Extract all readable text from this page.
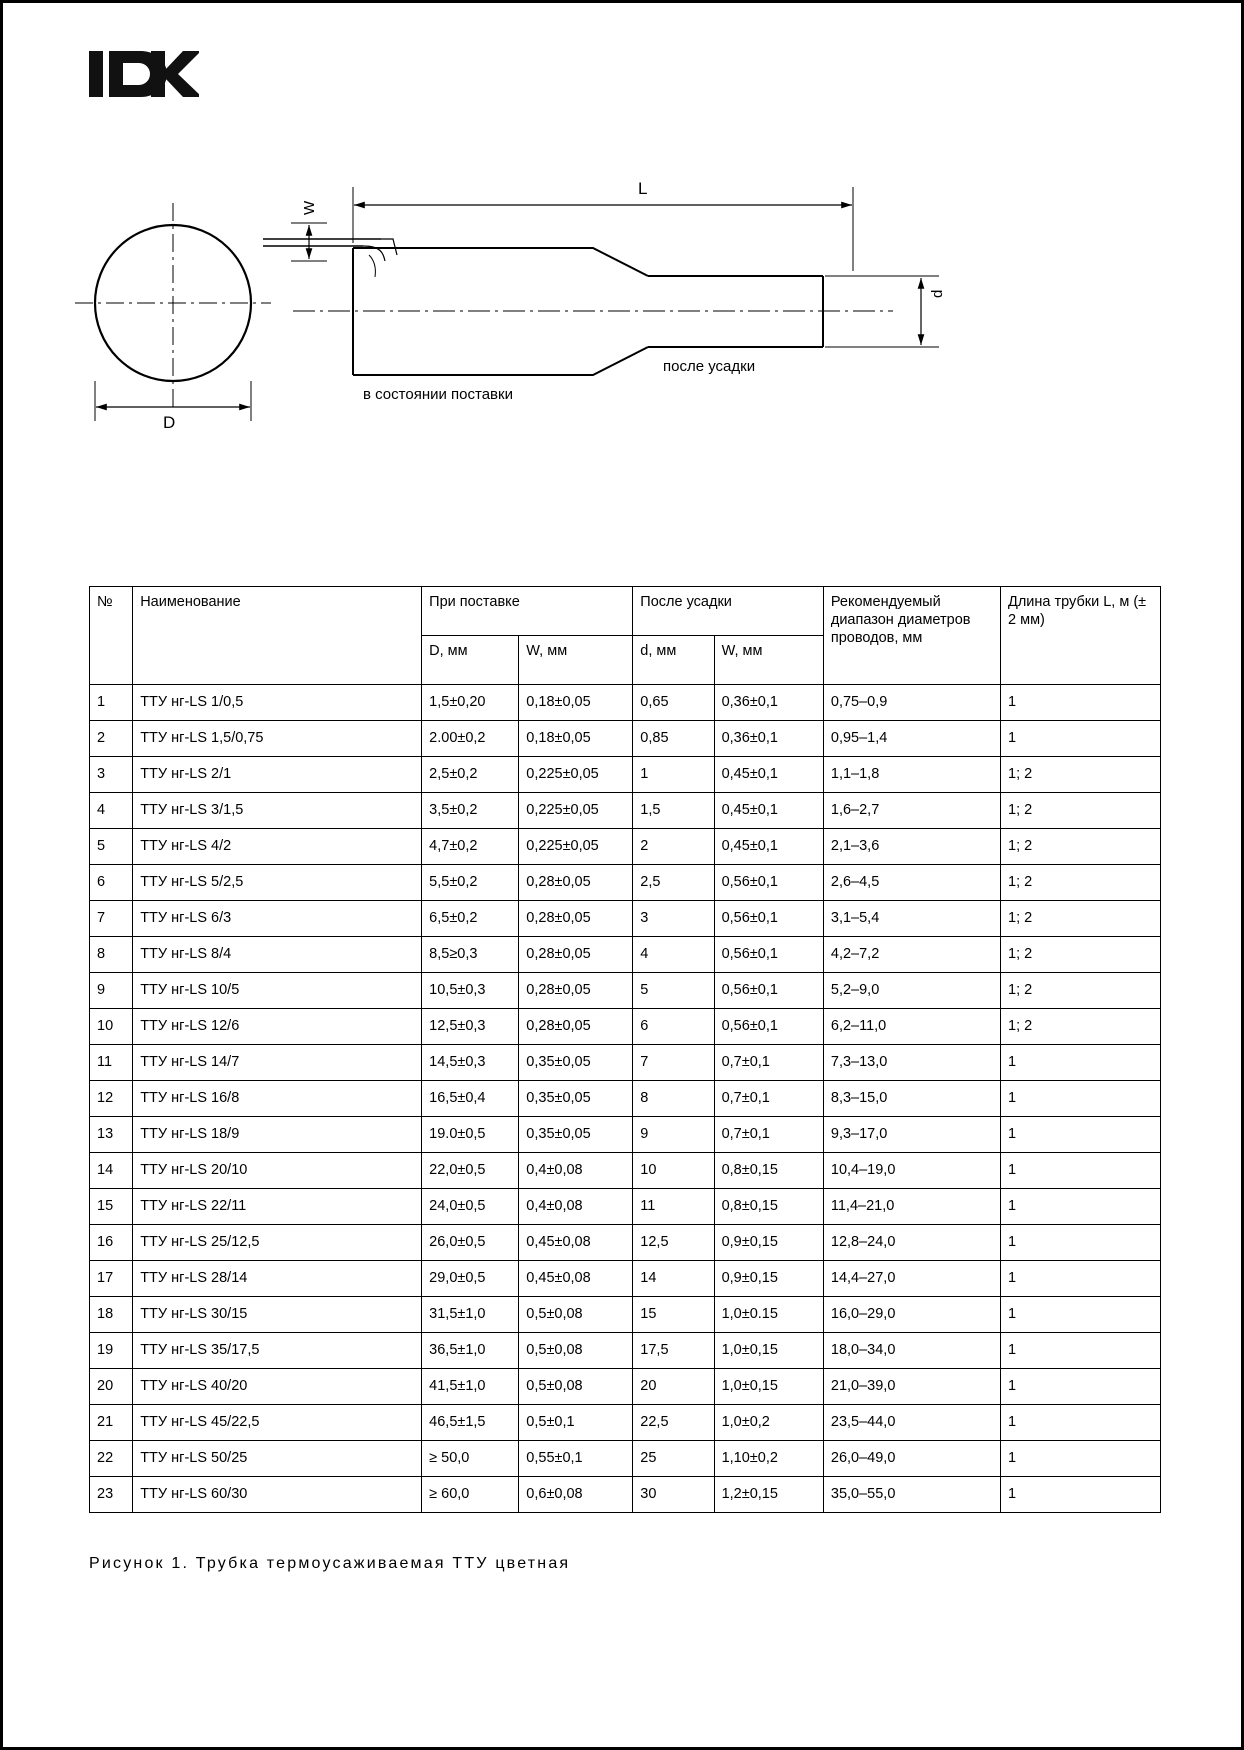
W
L
d
D
в состоянии поставки
после усадки
№	Наименование	При поставке		После усадки		Рекомендуемый диапазон диаметров проводов, мм	Длина трубки L, м (± 2 мм)
		D, мм	W, мм	d, мм	W, мм		
1	ТТУ нг-LS 1/0,5	1,5±0,20	0,18±0,05	0,65	0,36±0,1	0,75–0,9	1
2	ТТУ нг-LS 1,5/0,75	2.00±0,2	0,18±0,05	0,85	0,36±0,1	0,95–1,4	1
3	ТТУ нг-LS 2/1	2,5±0,2	0,225±0,05	1	0,45±0,1	1,1–1,8	1; 2
4	ТТУ нг-LS 3/1,5	3,5±0,2	0,225±0,05	1,5	0,45±0,1	1,6–2,7	1; 2
5	ТТУ нг-LS 4/2	4,7±0,2	0,225±0,05	2	0,45±0,1	2,1–3,6	1; 2
6	ТТУ нг-LS 5/2,5	5,5±0,2	0,28±0,05	2,5	0,56±0,1	2,6–4,5	1; 2
7	ТТУ нг-LS 6/3	6,5±0,2	0,28±0,05	3	0,56±0,1	3,1–5,4	1; 2
8	ТТУ нг-LS 8/4	8,5≥0,3	0,28±0,05	4	0,56±0,1	4,2–7,2	1; 2
9	ТТУ нг-LS 10/5	10,5±0,3	0,28±0,05	5	0,56±0,1	5,2–9,0	1; 2
10	ТТУ нг-LS 12/6	12,5±0,3	0,28±0,05	6	0,56±0,1	6,2–11,0	1; 2
11	ТТУ нг-LS 14/7	14,5±0,3	0,35±0,05	7	0,7±0,1	7,3–13,0	1
12	ТТУ нг-LS 16/8	16,5±0,4	0,35±0,05	8	0,7±0,1	8,3–15,0	1
13	ТТУ нг-LS 18/9	19.0±0,5	0,35±0,05	9	0,7±0,1	9,3–17,0	1
14	ТТУ нг-LS 20/10	22,0±0,5	0,4±0,08	10	0,8±0,15	10,4–19,0	1
15	ТТУ нг-LS 22/11	24,0±0,5	0,4±0,08	11	0,8±0,15	11,4–21,0	1
16	ТТУ нг-LS 25/12,5	26,0±0,5	0,45±0,08	12,5	0,9±0,15	12,8–24,0	1
17	ТТУ нг-LS 28/14	29,0±0,5	0,45±0,08	14	0,9±0,15	14,4–27,0	1
18	ТТУ нг-LS 30/15	31,5±1,0	0,5±0,08	15	1,0±0.15	16,0–29,0	1
19	ТТУ нг-LS 35/17,5	36,5±1,0	0,5±0,08	17,5	1,0±0,15	18,0–34,0	1
20	ТТУ нг-LS 40/20	41,5±1,0	0,5±0,08	20	1,0±0,15	21,0–39,0	1
21	ТТУ нг-LS 45/22,5	46,5±1,5	0,5±0,1	22,5	1,0±0,2	23,5–44,0	1
22	ТТУ нг-LS 50/25	≥ 50,0	0,55±0,1	25	1,10±0,2	26,0–49,0	1
23	ТТУ нг-LS 60/30	≥ 60,0	0,6±0,08	30	1,2±0,15	35,0–55,0	1
Рисунок 1. Трубка термоусаживаемая ТТУ цветная
